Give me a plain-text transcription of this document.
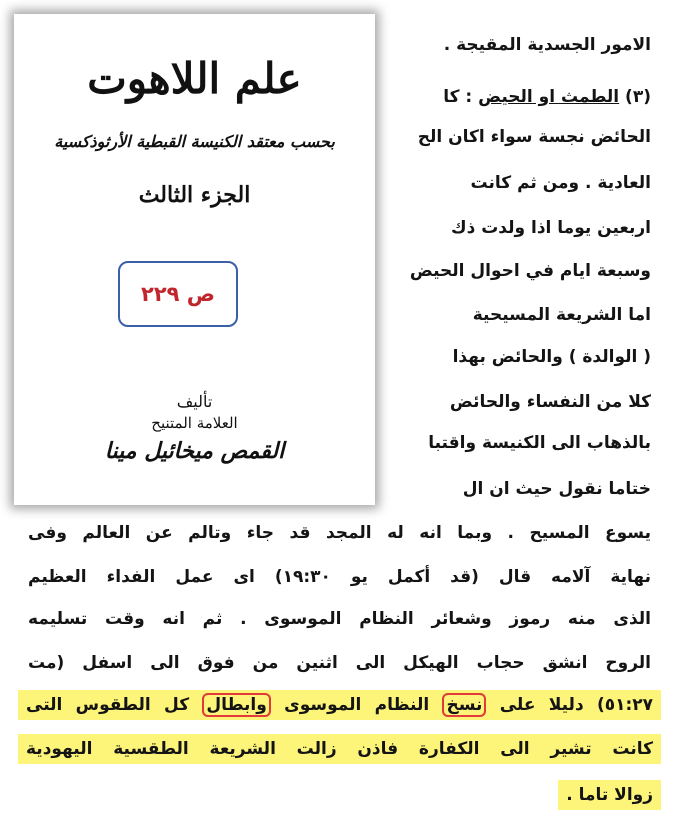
الامور الجسدية المقيجة .
(٣) الطمث او الحيض : كا
الحائض نجسة سواء اكان الح
العادية . ومن ثم كانت
اربعين يوما اذا ولدت ذك
وسبعة ايام في احوال الحيض
اما الشريعة المسيحية
( الوالدة ) والحائض بهذا
كلا من النفساء والحائض
بالذهاب الى الكنيسة واقتبا
ختاما نقول حيث ان ال
يسوع المسيح . وبما انه له المجد قد جاء وتالم عن العالم وفى
نهاية آلامه قال (قد أكمل يو ١٩:٣٠) اى عمل الفداء العظيم
الذى منه رموز وشعائر النظام الموسوى . ثم انه وقت تسليمه
الروح انشق حجاب الهيكل الى اثنين من فوق الى اسفل (مت
٥١:٢٧) دليلا على نسخ النظام الموسوى وابطال كل الطقوس التى
كانت تشير الى الكفارة فاذن زالت الشريعة الطقسية اليهودية
زوالا تاما .
علم اللاهوت
بحسب معتقد الكنيسة القبطية الأرثوذكسية
الجزء الثالث
ص ٢٢٩
تأليف
العلامة المتنيح
القمص ميخائيل مينا
